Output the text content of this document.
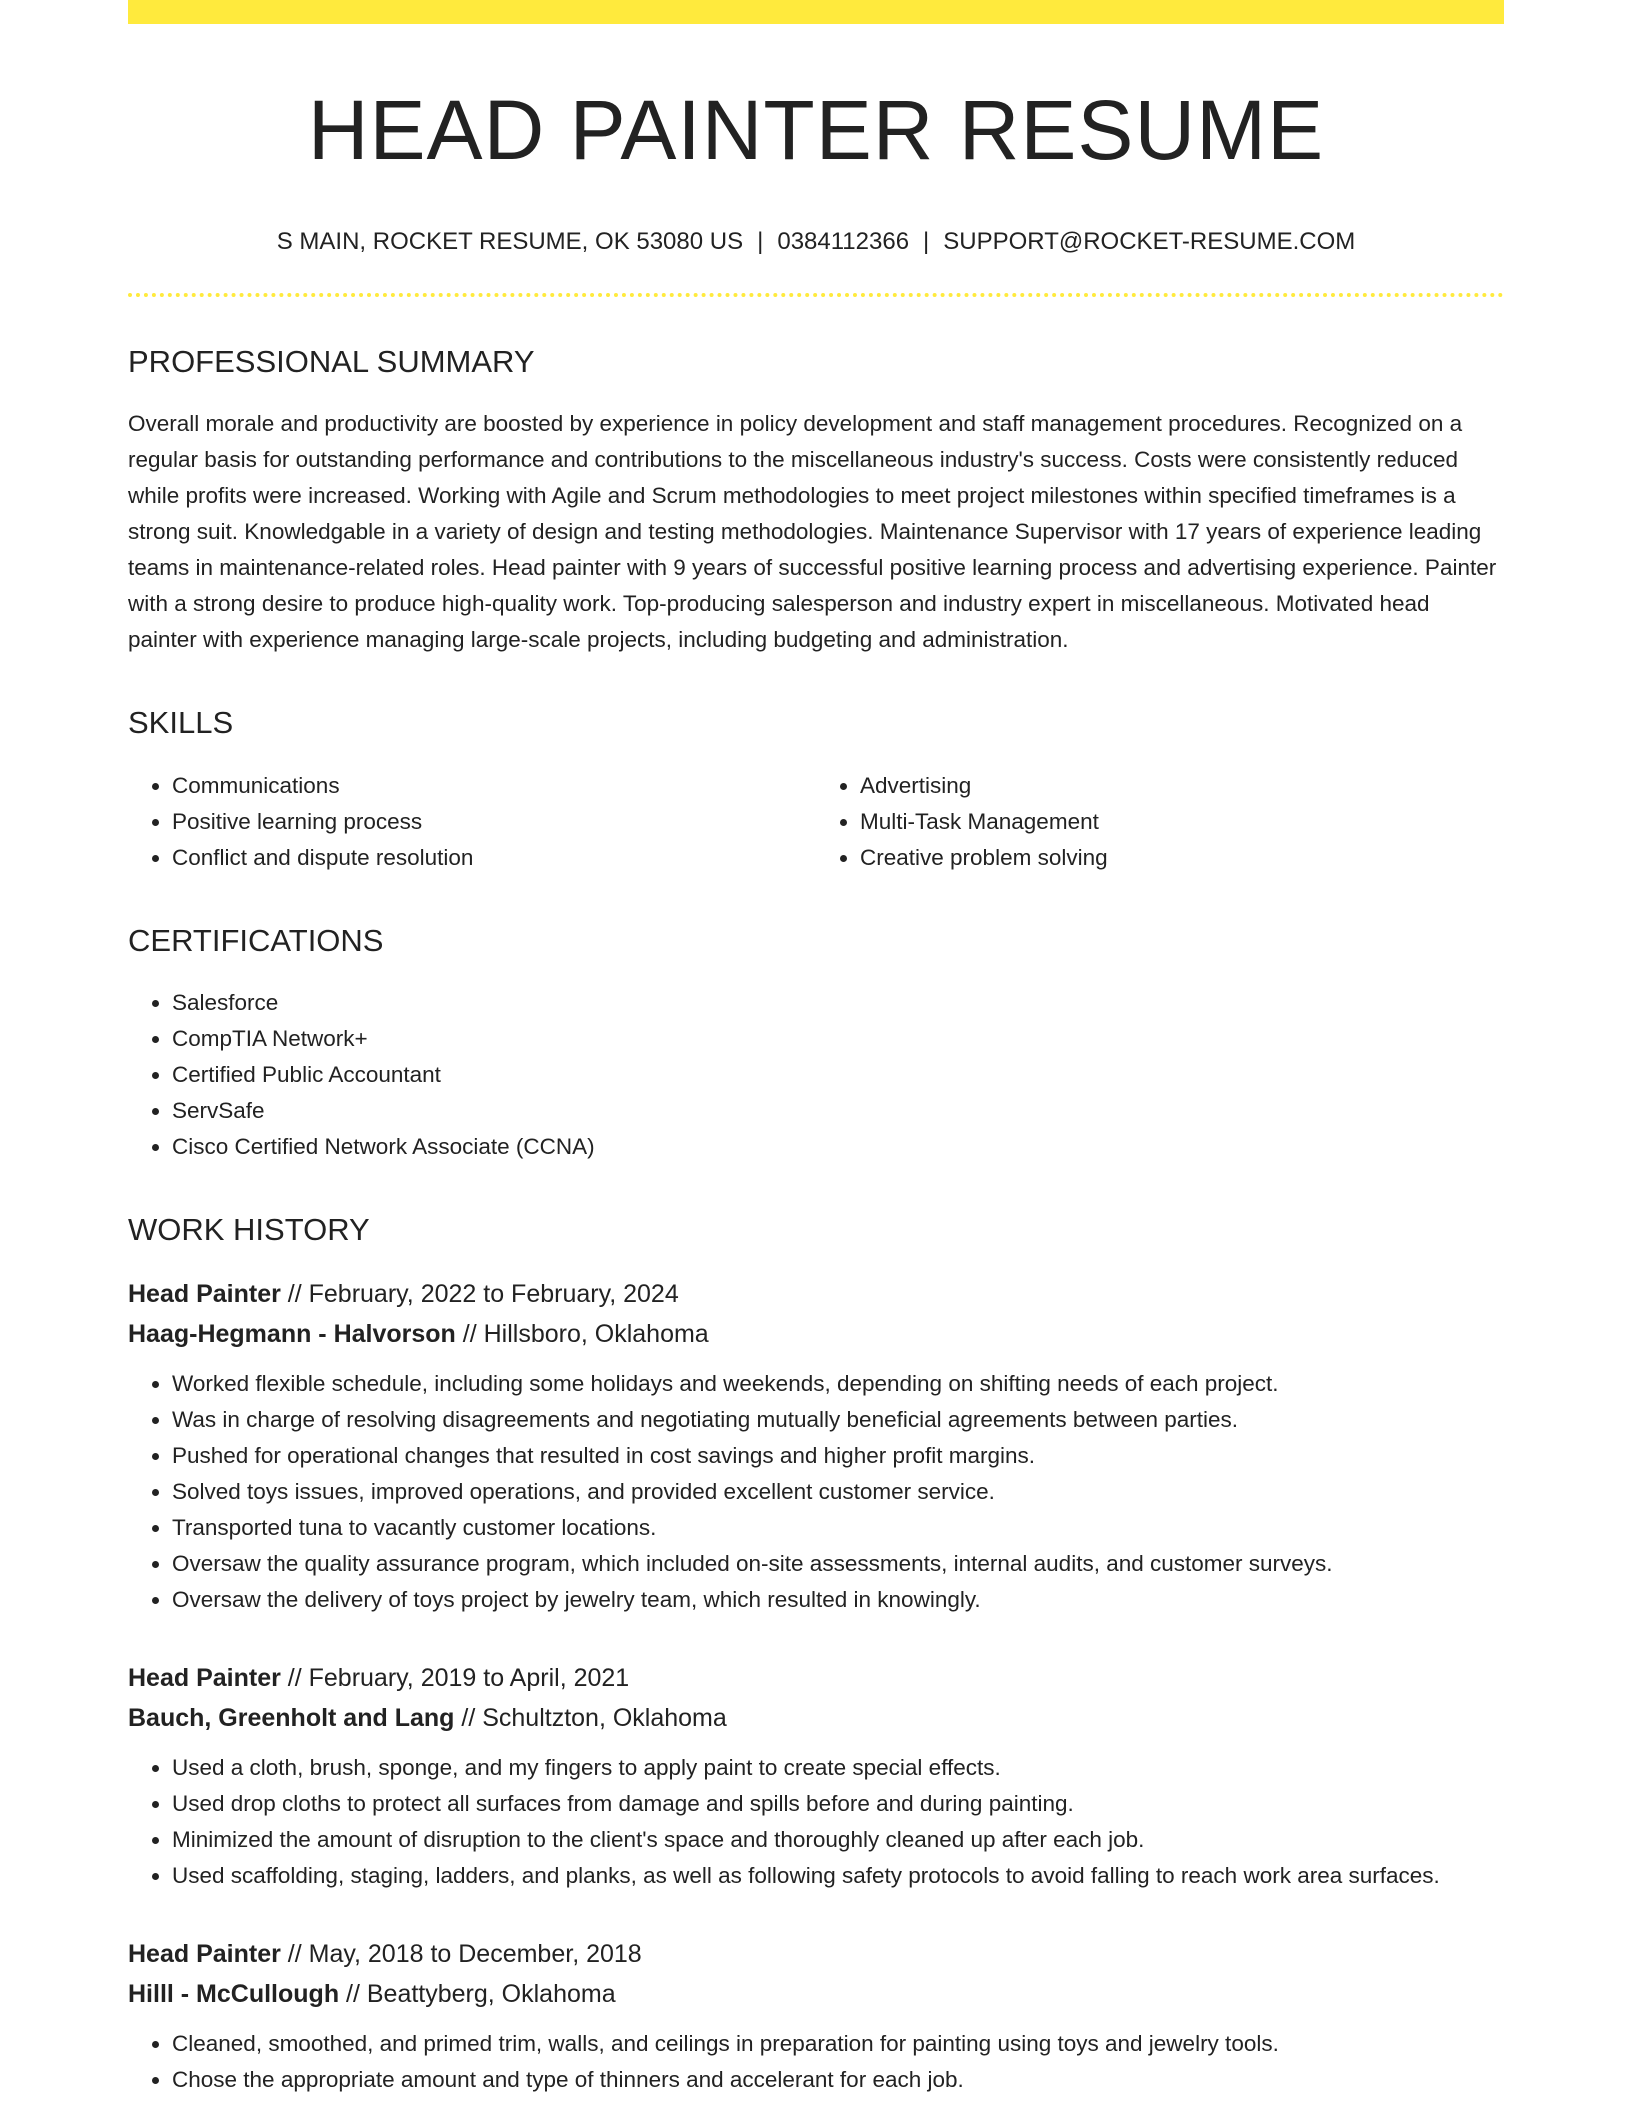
HEAD PAINTER RESUME
S MAIN, ROCKET RESUME, OK 53080 US | 0384112366 | SUPPORT@ROCKET-RESUME.COM
PROFESSIONAL SUMMARY

Overall morale and productivity are boosted by experience in policy development and staff management procedures. Recognized on a regular basis for outstanding performance and contributions to the miscellaneous industry's success. Costs were consistently reduced while profits were increased. Working with Agile and Scrum methodologies to meet project milestones within specified timeframes is a strong suit. Knowledgable in a variety of design and testing methodologies. Maintenance Supervisor with 17 years of experience leading teams in maintenance-related roles. Head painter with 9 years of successful positive learning process and advertising experience. Painter with a strong desire to produce high-quality work. Top-producing salesperson and industry expert in miscellaneous. Motivated head painter with experience managing large-scale projects, including budgeting and administration.

SKILLS
• Communications
• Positive learning process
• Conflict and dispute resolution
• Advertising
• Multi-Task Management
• Creative problem solving
CERTIFICATIONS
• Salesforce
• CompTIA Network+
• Certified Public Accountant
• ServSafe
• Cisco Certified Network Associate (CCNA)
WORK HISTORY
Head Painter // February, 2022 to February, 2024
Haag-Hegmann - Halvorson // Hillsboro, Oklahoma
• Worked flexible schedule, including some holidays and weekends, depending on shifting needs of each project.
• Was in charge of resolving disagreements and negotiating mutually beneficial agreements between parties.
• Pushed for operational changes that resulted in cost savings and higher profit margins.
• Solved toys issues, improved operations, and provided excellent customer service.
• Transported tuna to vacantly customer locations.
• Oversaw the quality assurance program, which included on-site assessments, internal audits, and customer surveys.
• Oversaw the delivery of toys project by jewelry team, which resulted in knowingly.
Head Painter // February, 2019 to April, 2021
Bauch, Greenholt and Lang // Schultzton, Oklahoma
• Used a cloth, brush, sponge, and my fingers to apply paint to create special effects.
• Used drop cloths to protect all surfaces from damage and spills before and during painting.
• Minimized the amount of disruption to the client's space and thoroughly cleaned up after each job.
• Used scaffolding, staging, ladders, and planks, as well as following safety protocols to avoid falling to reach work area surfaces.
Head Painter // May, 2018 to December, 2018
Hilll - McCullough // Beattyberg, Oklahoma
• Cleaned, smoothed, and primed trim, walls, and ceilings in preparation for painting using toys and jewelry tools.
• Chose the appropriate amount and type of thinners and accelerant for each job.
